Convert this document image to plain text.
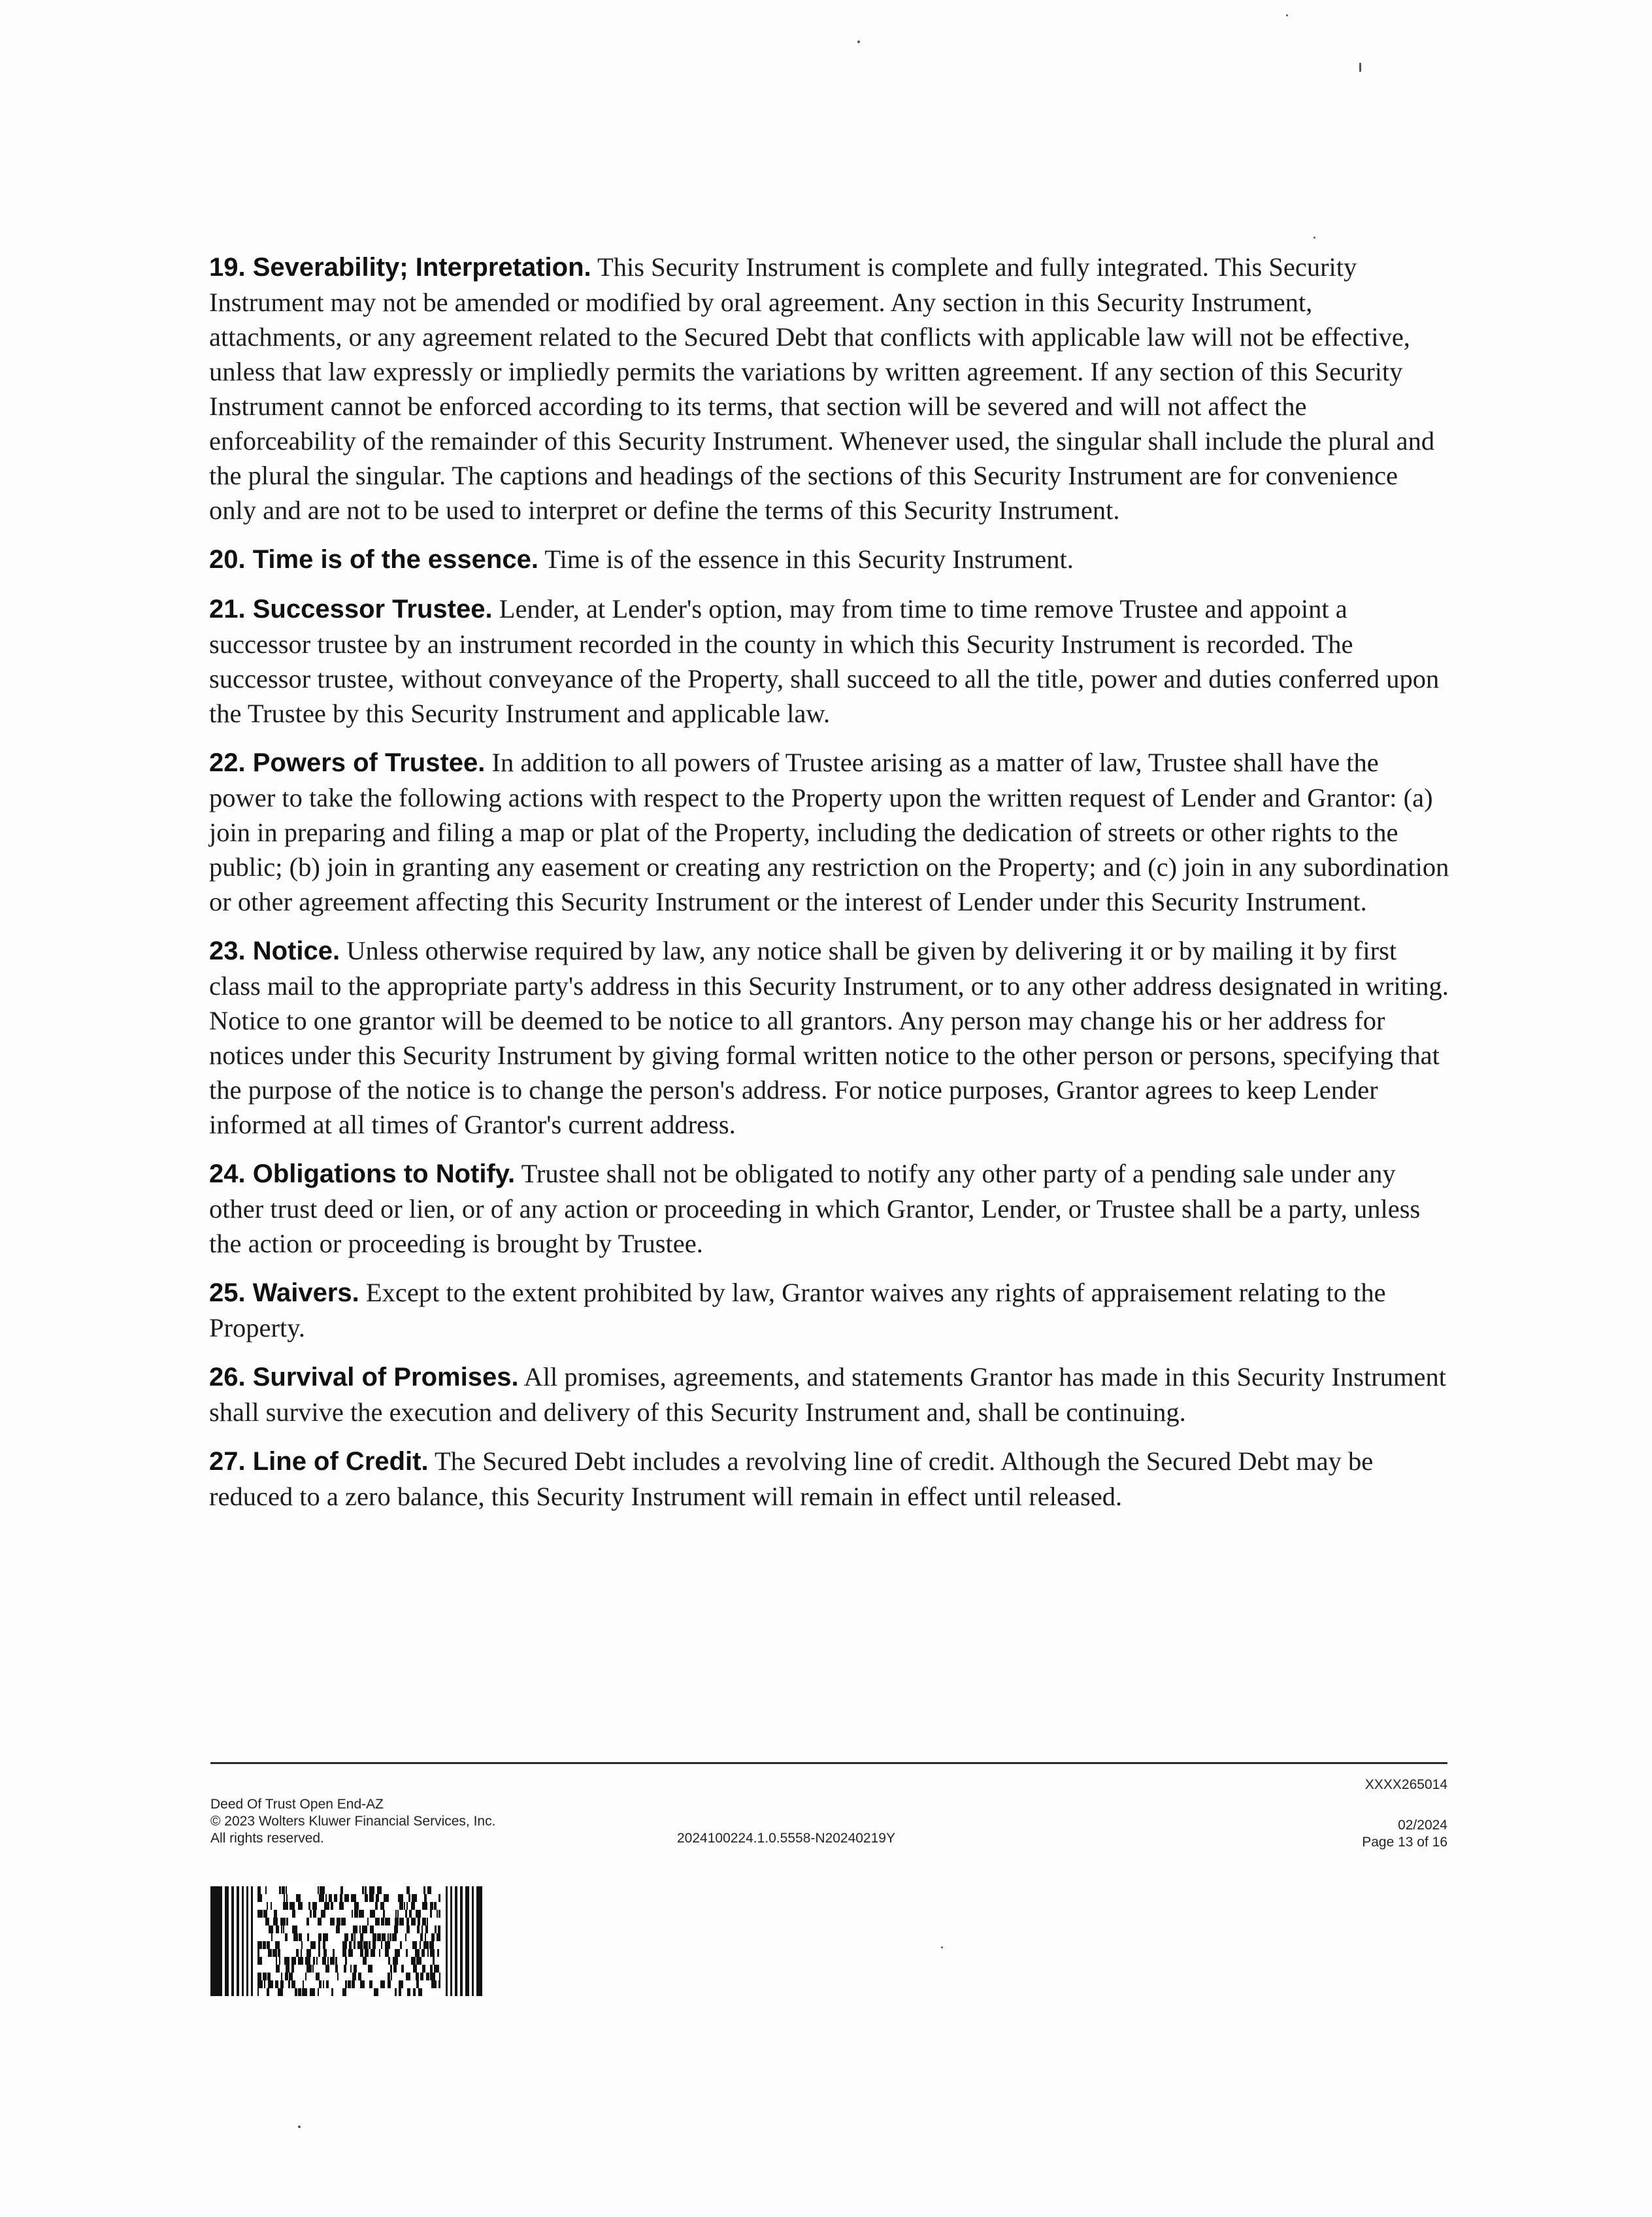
19. Severability; Interpretation. This Security Instrument is complete and fully integrated. This Security Instrument may not be amended or modified by oral agreement. Any section in this Security Instrument, attachments, or any agreement related to the Secured Debt that conflicts with applicable law will not be effective, unless that law expressly or impliedly permits the variations by written agreement. If any section of this Security Instrument cannot be enforced according to its terms, that section will be severed and will not affect the enforceability of the remainder of this Security Instrument. Whenever used, the singular shall include the plural and the plural the singular. The captions and headings of the sections of this Security Instrument are for convenience only and are not to be used to interpret or define the terms of this Security Instrument.

20. Time is of the essence. Time is of the essence in this Security Instrument.

21. Successor Trustee. Lender, at Lender's option, may from time to time remove Trustee and appoint a successor trustee by an instrument recorded in the county in which this Security Instrument is recorded. The successor trustee, without conveyance of the Property, shall succeed to all the title, power and duties conferred upon the Trustee by this Security Instrument and applicable law.

22. Powers of Trustee. In addition to all powers of Trustee arising as a matter of law, Trustee shall have the power to take the following actions with respect to the Property upon the written request of Lender and Grantor: (a) join in preparing and filing a map or plat of the Property, including the dedication of streets or other rights to the public; (b) join in granting any easement or creating any restriction on the Property; and (c) join in any subordination or other agreement affecting this Security Instrument or the interest of Lender under this Security Instrument.

23. Notice. Unless otherwise required by law, any notice shall be given by delivering it or by mailing it by first class mail to the appropriate party's address in this Security Instrument, or to any other address designated in writing. Notice to one grantor will be deemed to be notice to all grantors. Any person may change his or her address for notices under this Security Instrument by giving formal written notice to the other person or persons, specifying that the purpose of the notice is to change the person's address. For notice purposes, Grantor agrees to keep Lender informed at all times of Grantor's current address.

24. Obligations to Notify. Trustee shall not be obligated to notify any other party of a pending sale under any other trust deed or lien, or of any action or proceeding in which Grantor, Lender, or Trustee shall be a party, unless the action or proceeding is brought by Trustee.

25. Waivers. Except to the extent prohibited by law, Grantor waives any rights of appraisement relating to the Property.

26. Survival of Promises. All promises, agreements, and statements Grantor has made in this Security Instrument shall survive the execution and delivery of this Security Instrument and, shall be continuing.

27. Line of Credit. The Secured Debt includes a revolving line of credit. Although the Secured Debt may be reduced to a zero balance, this Security Instrument will remain in effect until released.

Deed Of Trust Open End-AZ
© 2023 Wolters Kluwer Financial Services, Inc.
All rights reserved.	2024100224.1.0.5558-N20240219Y
XXXX265014
02/2024
Page 13 of 16
